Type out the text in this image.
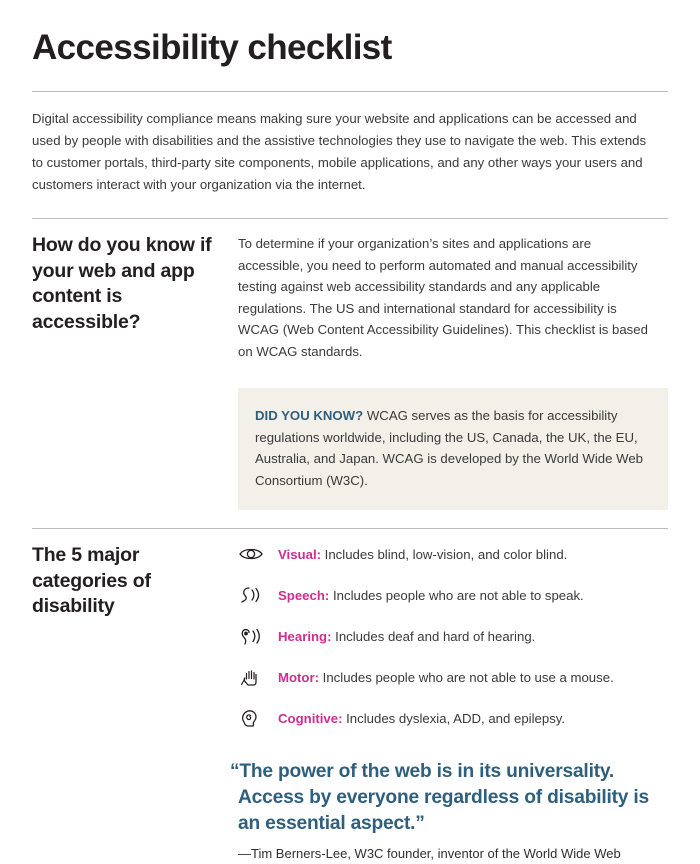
Accessibility checklist

Digital accessibility compliance means making sure your website and applications can be accessed and used by people with disabilities and the assistive technologies they use to navigate the web. This extends to customer portals, third-party site components, mobile applications, and any other ways your users and customers interact with your organization via the internet.

How do you know if your web and app content is accessible?

To determine if your organization’s sites and applications are accessible, you need to perform automated and manual accessibility testing against web accessibility standards and any applicable regulations. The US and international standard for accessibility is WCAG (Web Content Accessibility Guidelines). This checklist is based on WCAG standards.

DID YOU KNOW? WCAG serves as the basis for accessibility regulations worldwide, including the US, Canada, the UK, the EU, Australia, and Japan. WCAG is developed by the World Wide Web Consortium (W3C).

The 5 major categories of disability
Visual: Includes blind, low-vision, and color blind.
Speech: Includes people who are not able to speak.
Hearing: Includes deaf and hard of hearing.
Motor: Includes people who are not able to use a mouse.
Cognitive: Includes dyslexia, ADD, and epilepsy.

“The power of the web is in its universality. Access by everyone regardless of disability is an essential aspect.”

—Tim Berners-Lee, W3C founder, inventor of the World Wide Web
